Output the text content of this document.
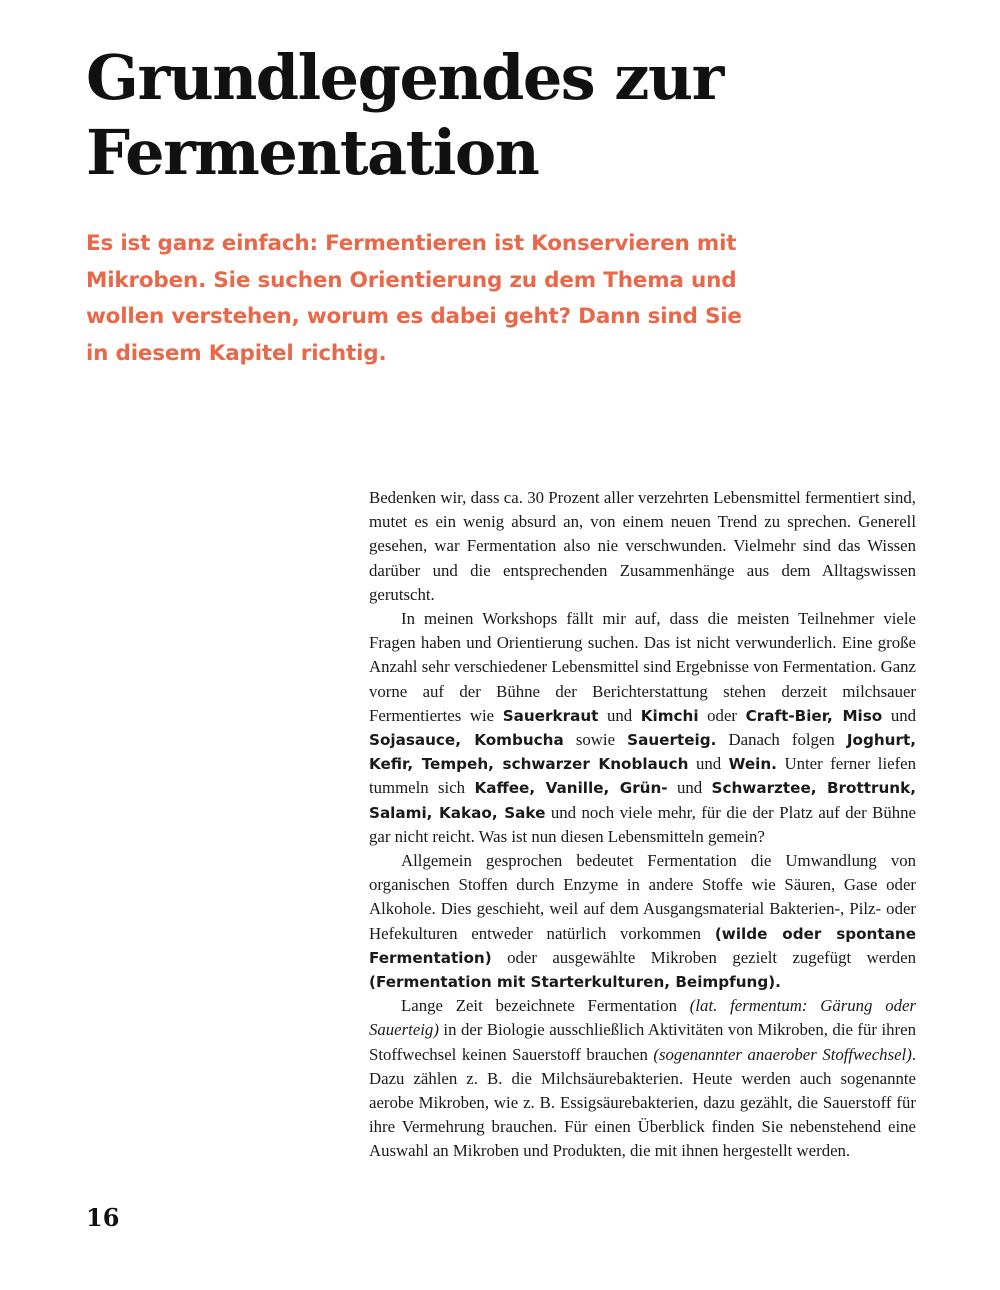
Grundlegendes zur
Fermentation

Es ist ganz einfach: Fermentieren ist Konservieren mit Mikroben. Sie suchen Orientierung zu dem Thema und wollen verstehen, worum es dabei geht? Dann sind Sie in diesem Kapitel richtig.

Bedenken wir, dass ca. 30 Prozent aller verzehrten Lebensmittel fermentiert sind, mutet es ein wenig absurd an, von einem neuen Trend zu sprechen. Generell gesehen, war Fermentation also nie verschwunden. Vielmehr sind das Wissen darüber und die entsprechenden Zusammenhänge aus dem Alltagswissen gerutscht.

In meinen Workshops fällt mir auf, dass die meisten Teilnehmer viele Fragen haben und Orientierung suchen. Das ist nicht verwunderlich. Eine große Anzahl sehr verschiedener Lebensmittel sind Ergebnisse von Fermentation. Ganz vorne auf der Bühne der Berichterstattung stehen derzeit milchsauer Fermentiertes wie Sauerkraut und Kimchi oder Craft-Bier, Miso und Sojasauce, Kombucha sowie Sauerteig. Danach folgen Joghurt, Kefir, Tempeh, schwarzer Knoblauch und Wein. Unter ferner liefen tummeln sich Kaffee, Vanille, Grün- und Schwarztee, Brottrunk, Salami, Kakao, Sake und noch viele mehr, für die der Platz auf der Bühne gar nicht reicht. Was ist nun diesen Lebensmitteln gemein?

Allgemein gesprochen bedeutet Fermentation die Umwandlung von organischen Stoffen durch Enzyme in andere Stoffe wie Säuren, Gase oder Alkohole. Dies geschieht, weil auf dem Ausgangsmaterial Bakterien-, Pilz- oder Hefekulturen entweder natürlich vorkommen (wilde oder spontane Fermentation) oder ausgewählte Mikroben gezielt zugefügt werden (Fermentation mit Starterkulturen, Beimpfung).

Lange Zeit bezeichnete Fermentation (lat. fermentum: Gärung oder Sauerteig) in der Biologie ausschließlich Aktivitäten von Mikroben, die für ihren Stoffwechsel keinen Sauerstoff brauchen (sogenannter anaerober Stoffwechsel). Dazu zählen z. B. die Milchsäurebakterien. Heute werden auch sogenannte aerobe Mikroben, wie z. B. Essigsäurebakterien, dazu gezählt, die Sauerstoff für ihre Vermehrung brauchen. Für einen Überblick finden Sie nebenstehend eine Auswahl an Mikroben und Produkten, die mit ihnen hergestellt werden.

16
